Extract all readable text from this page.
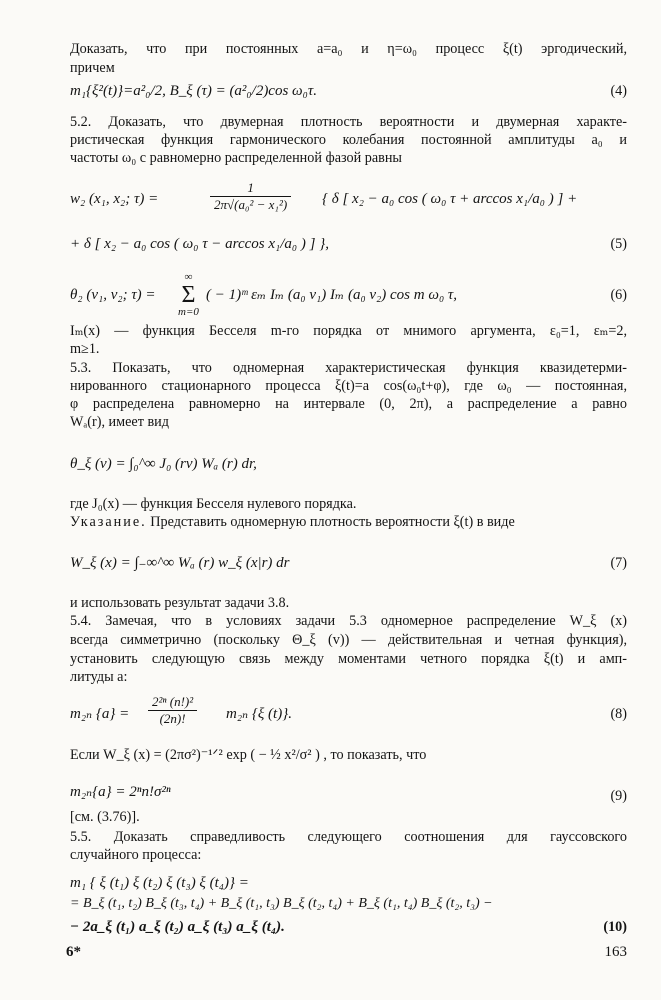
Доказать, что при постоянных a=a₀ и η=ω₀ процесс ξ(t) эргодический,
причем
m₁{ξ²(t)}=a²₀/2, B_ξ (τ) = (a²₀/2)cos ω₀τ.	(4)
5.2. Доказать, что двумерная плотность вероятности и двумерная характе-
ристическая функция гармонического колебания постоянной амплитуды a₀ и
частоты ω₀ с равномерно распределенной фазой равны
w₂ (x₁, x₂; τ) =	$\frac{1}{\text{2π√(a₀² − x₁²)}}$ { δ [ x₂ − a₀ cos ( ω₀ τ + arccos x₁/a₀ ) ] +
+ δ [ x₂ − a₀ cos ( ω₀ τ − arccos x₁/a₀ ) ] },	(5)
θ₂ (v₁, v₂; τ) =
∞
Σ
m=0
( − 1)ᵐ εₘ Iₘ (a₀ v₁) Iₘ (a₀ v₂) cos m ω₀ τ,	(6)
Iₘ(x) — функция Бесселя m-го порядка от мнимого аргумента, ε₀=1, εₘ=2,
m≥1.
5.3. Показать, что одномерная характеристическая функция квазидетерми-
нированного стационарного процесса ξ(t)=a cos(ω₀t+φ), где ω₀ — постоянная,
φ распределена равномерно на интервале (0, 2π), а распределение a равно
Wₐ(r), имеет вид
θ_ξ (v) = ∫₀^∞ J₀ (rv) Wₐ (r) dr,
где J₀(x) — функция Бесселя нулевого порядка.
Указание. Представить одномерную плотность вероятности ξ(t) в виде
W_ξ (x) = ∫₋∞^∞ Wₐ (r) w_ξ (x|r) dr	(7)
и использовать результат задачи 3.8.
5.4. Замечая, что в условиях задачи 5.3 одномерное распределение W_ξ (x)
всегда симметрично (поскольку Θ_ξ (v)) — действительная и четная функция),
установить следующую связь между моментами четного порядка ξ(t) и амп-
литуды a:
m₂ₙ $\{a\} = \frac{\text{2²ⁿ (n!)²}}{(2n)!} m_{2n}$ {ξ (t)}.	(8)
Если W_ξ (x) = (2πσ²)⁻¹ᐟ² exp ( − ½ x²/σ² ) , то показать, что
m₂ₙ{a} = 2ⁿn!σ²ⁿ	(9)
[см. (3.76)].
5.5. Доказать справедливость следующего соотношения для гауссовского
случайного процесса:
m₁ { ξ (t₁) ξ (t₂) ξ (t₃) ξ (t₄)} =
= B_ξ (t₁, t₂) B_ξ (t₃, t₄) + B_ξ (t₁, t₃) B_ξ (t₂, t₄) + B_ξ (t₁, t₄) B_ξ (t₂, t₃) −
− 2a_ξ (t₁) a_ξ (t₂) a_ξ (t₃) a_ξ (t₄).	(10)
6*	163
